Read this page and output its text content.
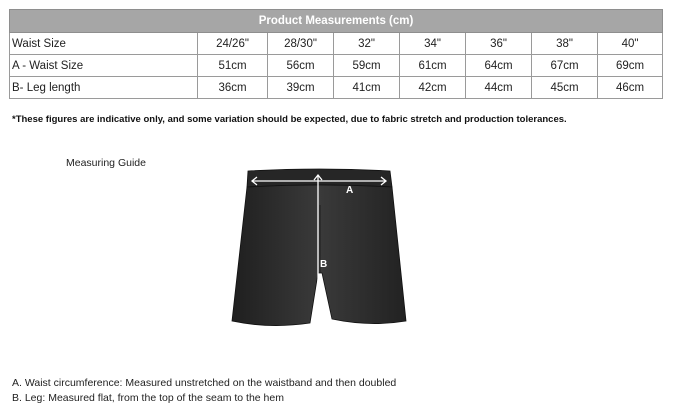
Product Measurements (cm)							
Waist Size	24/26"	28/30"	32"	34"	36"	38"	40"
A - Waist Size	51cm	56cm	59cm	61cm	64cm	67cm	69cm
B- Leg length	36cm	39cm	41cm	42cm	44cm	45cm	46cm
*These figures are indicative only, and some variation should be expected, due to fabric stretch and production tolerances.
Measuring Guide
A
B
A. Waist circumference: Measured unstretched on the waistband and then doubled
B. Leg: Measured flat, from the top of the seam to the hem
